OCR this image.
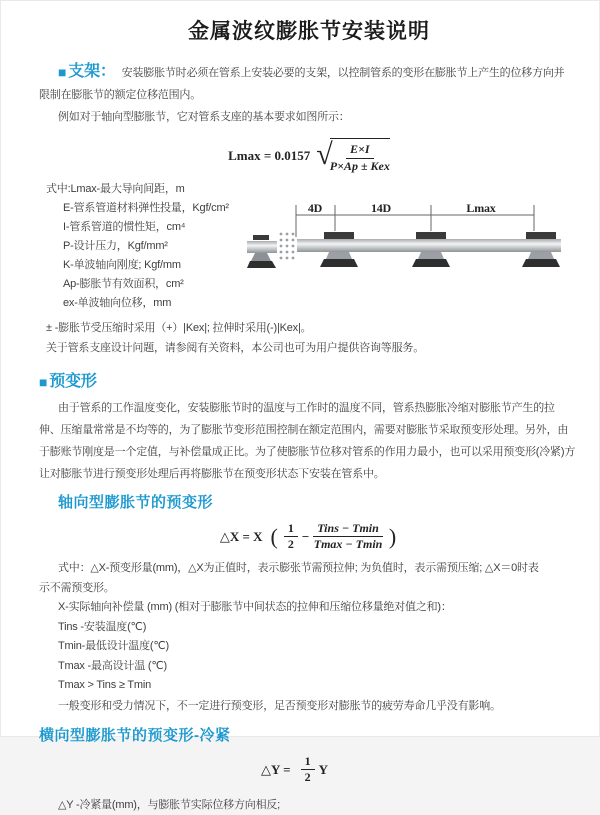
金属波纹膨胀节安装说明
■ 支架： 安装膨胀节时必须在管系上安装必要的支架，以控制管系的变形在膨胀节上产生的位移方向并
限制在膨胀节的额定位移范围内。
例如对于轴向型膨胀节，它对管系支座的基本要求如图所示：
Lmax = 0.0157 √
$\frac{E\times I}{\text{P×Ap ± Kex}}$
式中:Lmax-最大导向间距，m
E-管系管道材料弹性投量，Kgf/cm²
I-管系管道的惯性矩，cm⁴
P-设计压力，Kgf/mm²
K-单波轴向刚度; Kgf/mm
Ap-膨胀节有效面积，cm²
ex-单波轴向位移，mm
4D	14D	Lmax
± -膨胀节受压缩时采用（+）|Kex|; 拉伸时采用(-)|Kex|。
关于管系支座设计问题，请参阅有关资料，本公司也可为用户提供咨询等服务。
■ 预变形
由于管系的工作温度变化，安装膨胀节时的温度与工作时的温度不同，管系热膨胀冷缩对膨胀节产生的拉
伸、压缩量常常是不均等的，为了膨胀节变形范围控制在额定范围内，需要对膨胀节采取预变形处理。另外，由
于膨账节刚度是一个定值，与补偿量成正比。为了使膨胀节位移对管系的作用力最小，也可以采用预变形(冷紧)方
让对膨胀节进行预变形处理后再将膨胀节在预变形状态下安装在管系中。
轴向型膨胀节的预变形
△X = X ( $\frac{1}{2} - \frac{\text{Tins − Tmin}}{Tmax - Tmin}$ )
式中：△X-预变形量(mm)，△X为正值时，表示膨张节需预拉伸; 为负值时，表示需预压缩; △X＝0时表
示不需预变形。
X-实际轴向补偿量 (mm) (相对于膨胀节中间状态的拉伸和压缩位移量绝对值之和)：
Tins -安装温度(℃)
Tmin-最低设计温度(℃)
Tmax -最高设计温 (℃)
Tmax > Tins ≥ Tmin
一般变形和受力情况下，不一定进行预变形，足否预变形对膨胀节的疲劳寿命几乎没有影响。
横向型膨胀节的预变形-冷紧
△Y = $\frac{1}{2}$ Y
△Y -冷紧量(mm)，与膨胀节实际位移方向相反;
